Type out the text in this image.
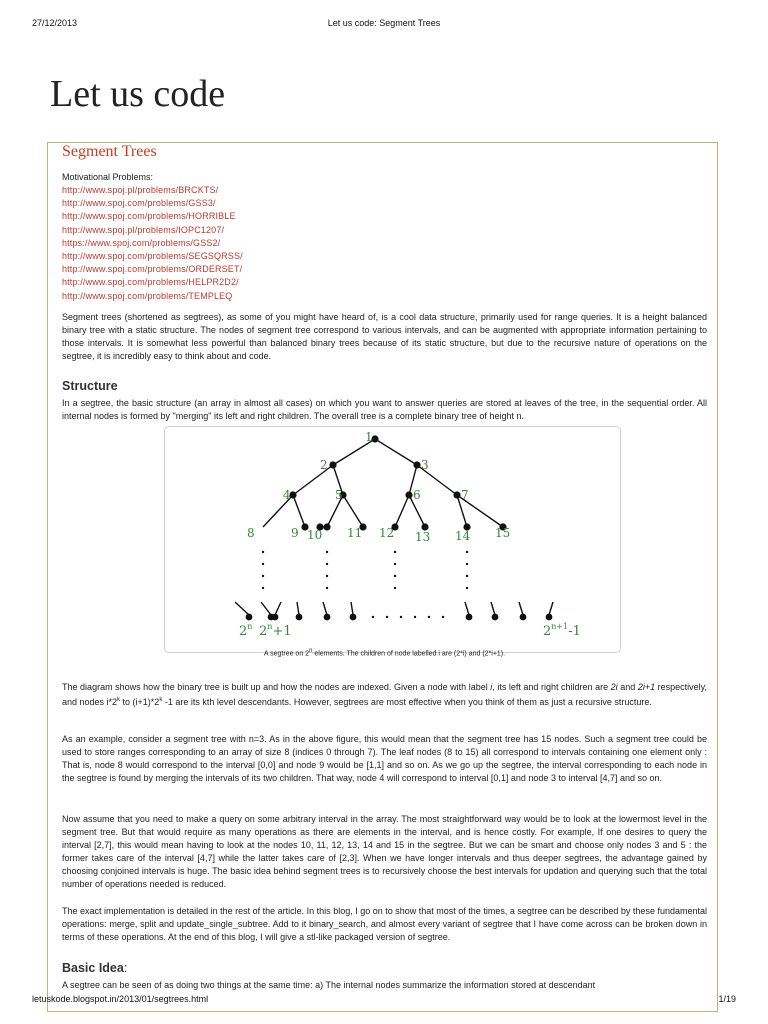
27/12/2013	Let us code: Segment Trees
Let us code
Segment Trees
Motivational Problems:
http://www.spoj.pl/problems/BRCKTS/
http://www.spoj.com/problems/GSS3/
http://www.spoj.com/problems/HORRIBLE
http://www.spoj.pl/problems/IOPC1207/
https://www.spoj.com/problems/GSS2/
http://www.spoj.com/problems/SEGSQRSS/
http://www.spoj.com/problems/ORDERSET/
http://www.spoj.com/problems/HELPR2D2/
http://www.spoj.com/problems/TEMPLEQ

Segment trees (shortened as segtrees), as some of you might have heard of, is a cool data structure, primarily used for range queries. It is a height balanced binary tree with a static structure. The nodes of segment tree correspond to various intervals, and can be augmented with appropriate information pertaining to those intervals. It is somewhat less powerful than balanced binary trees because of its static structure, but due to the recursive nature of operations on the segtree, it is incredibly easy to think about and code.

Structure

In a segtree, the basic structure (an array in almost all cases) on which you want to answer queries are stored at leaves of the tree, in the sequential order. All internal nodes is formed by "merging" its left and right children. The overall tree is a complete binary tree of height n.

1
2	3
4	5	6	7
8	9 10 11 12 13 14 15
2$^n$ $2^n+1$	$2^{n+1}-1$
A segtree on 2$^n$ elements. The children of node labelled i are (2*i) and (2*i+1).

The diagram shows how the binary tree is built up and how the nodes are indexed. Given a node with label i, its left and right children are 2i and 2i+1 respectively, and nodes i*2$^k$ to $(i+1)*2^k$ -1 are its kth level descendants. However, segtrees are most effective when you think of them as just a recursive structure.

As an example, consider a segment tree with n=3. As in the above figure, this would mean that the segment tree has 15 nodes. Such a segment tree could be used to store ranges corresponding to an array of size 8 (indices 0 through 7). The leaf nodes (8 to 15) all correspond to intervals containing one element only : That is, node 8 would correspond to the interval [0,0] and node 9 would be [1,1] and so on. As we go up the segtree, the interval corresponding to each node in the segtree is found by merging the intervals of its two children. That way, node 4 will correspond to interval [0,1] and node 3 to interval [4,7] and so on.

Now assume that you need to make a query on some arbitrary interval in the array. The most straightforward way would be to look at the lowermost level in the segment tree. But that would require as many operations as there are elements in the interval, and is hence costly. For example, If one desires to query the interval [2,7], this would mean having to look at the nodes 10, 11, 12, 13, 14 and 15 in the segtree. But we can be smart and choose only nodes 3 and 5 : the former takes care of the interval [4,7] while the latter takes care of [2,3]. When we have longer intervals and thus deeper segtrees, the advantage gained by choosing conjoined intervals is huge. The basic idea behind segment trees is to recursively choose the best intervals for updation and querying such that the total number of operations needed is reduced.

The exact implementation is detailed in the rest of the article. In this blog, I go on to show that most of the times, a segtree can be described by these fundamental operations: merge, split and update_single_subtree. Add to it binary_search, and almost every variant of segtree that I have come across can be broken down in terms of these operations. At the end of this blog, I will give a stl-like packaged version of segtree.

Basic Idea:

A segtree can be seen of as doing two things at the same time: a) The internal nodes summarize the information stored at descendant

letuskode.blogspot.in/2013/01/segtrees.html	1/19
